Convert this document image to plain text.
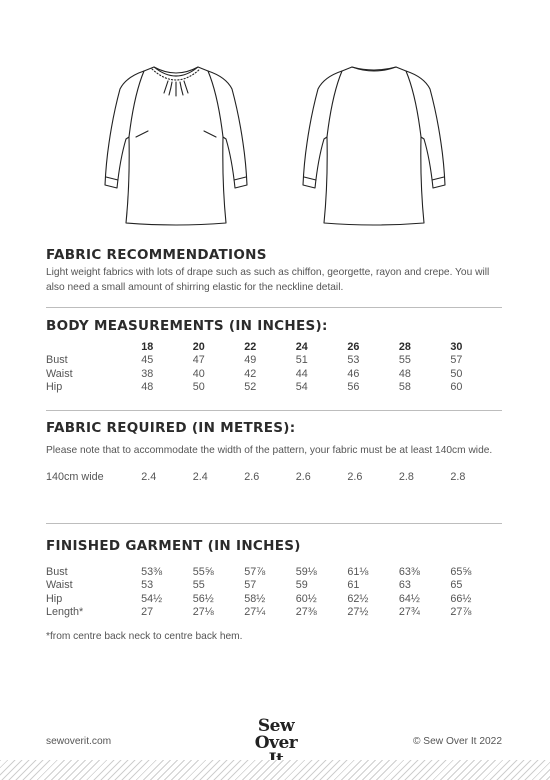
FABRIC RECOMMENDATIONS
Light weight fabrics with lots of drape such as such as chiffon, georgette, rayon and crepe. You will also need a small amount of shirring elastic for the neckline detail.
BODY MEASUREMENTS (IN INCHES):
	18	20	22	24	26	28	30
Bust	45	47	49	51	53	55	57
Waist	38	40	42	44	46	48	50
Hip	48	50	52	54	56	58	60
FABRIC REQUIRED (IN METRES):
Please note that to accommodate the width of the pattern, your fabric must be at least 140cm wide.
140cm wide	2.4	2.4	2.6	2.6	2.6	2.8	2.8
FINISHED GARMENT (IN INCHES)
Bust	53⅜	55⅝	57⅞	59⅛	61⅛	63⅜	65⅝
Waist	53	55	57	59	61	63	65
Hip	54½	56½	58½	60½	62½	64½	66½
Length*	27	27⅛	27¼	27⅜	27½	27¾	27⅞
*from centre back neck to centre back hem.
sewoverit.com
Sew
Over	© Sew Over It 2022
